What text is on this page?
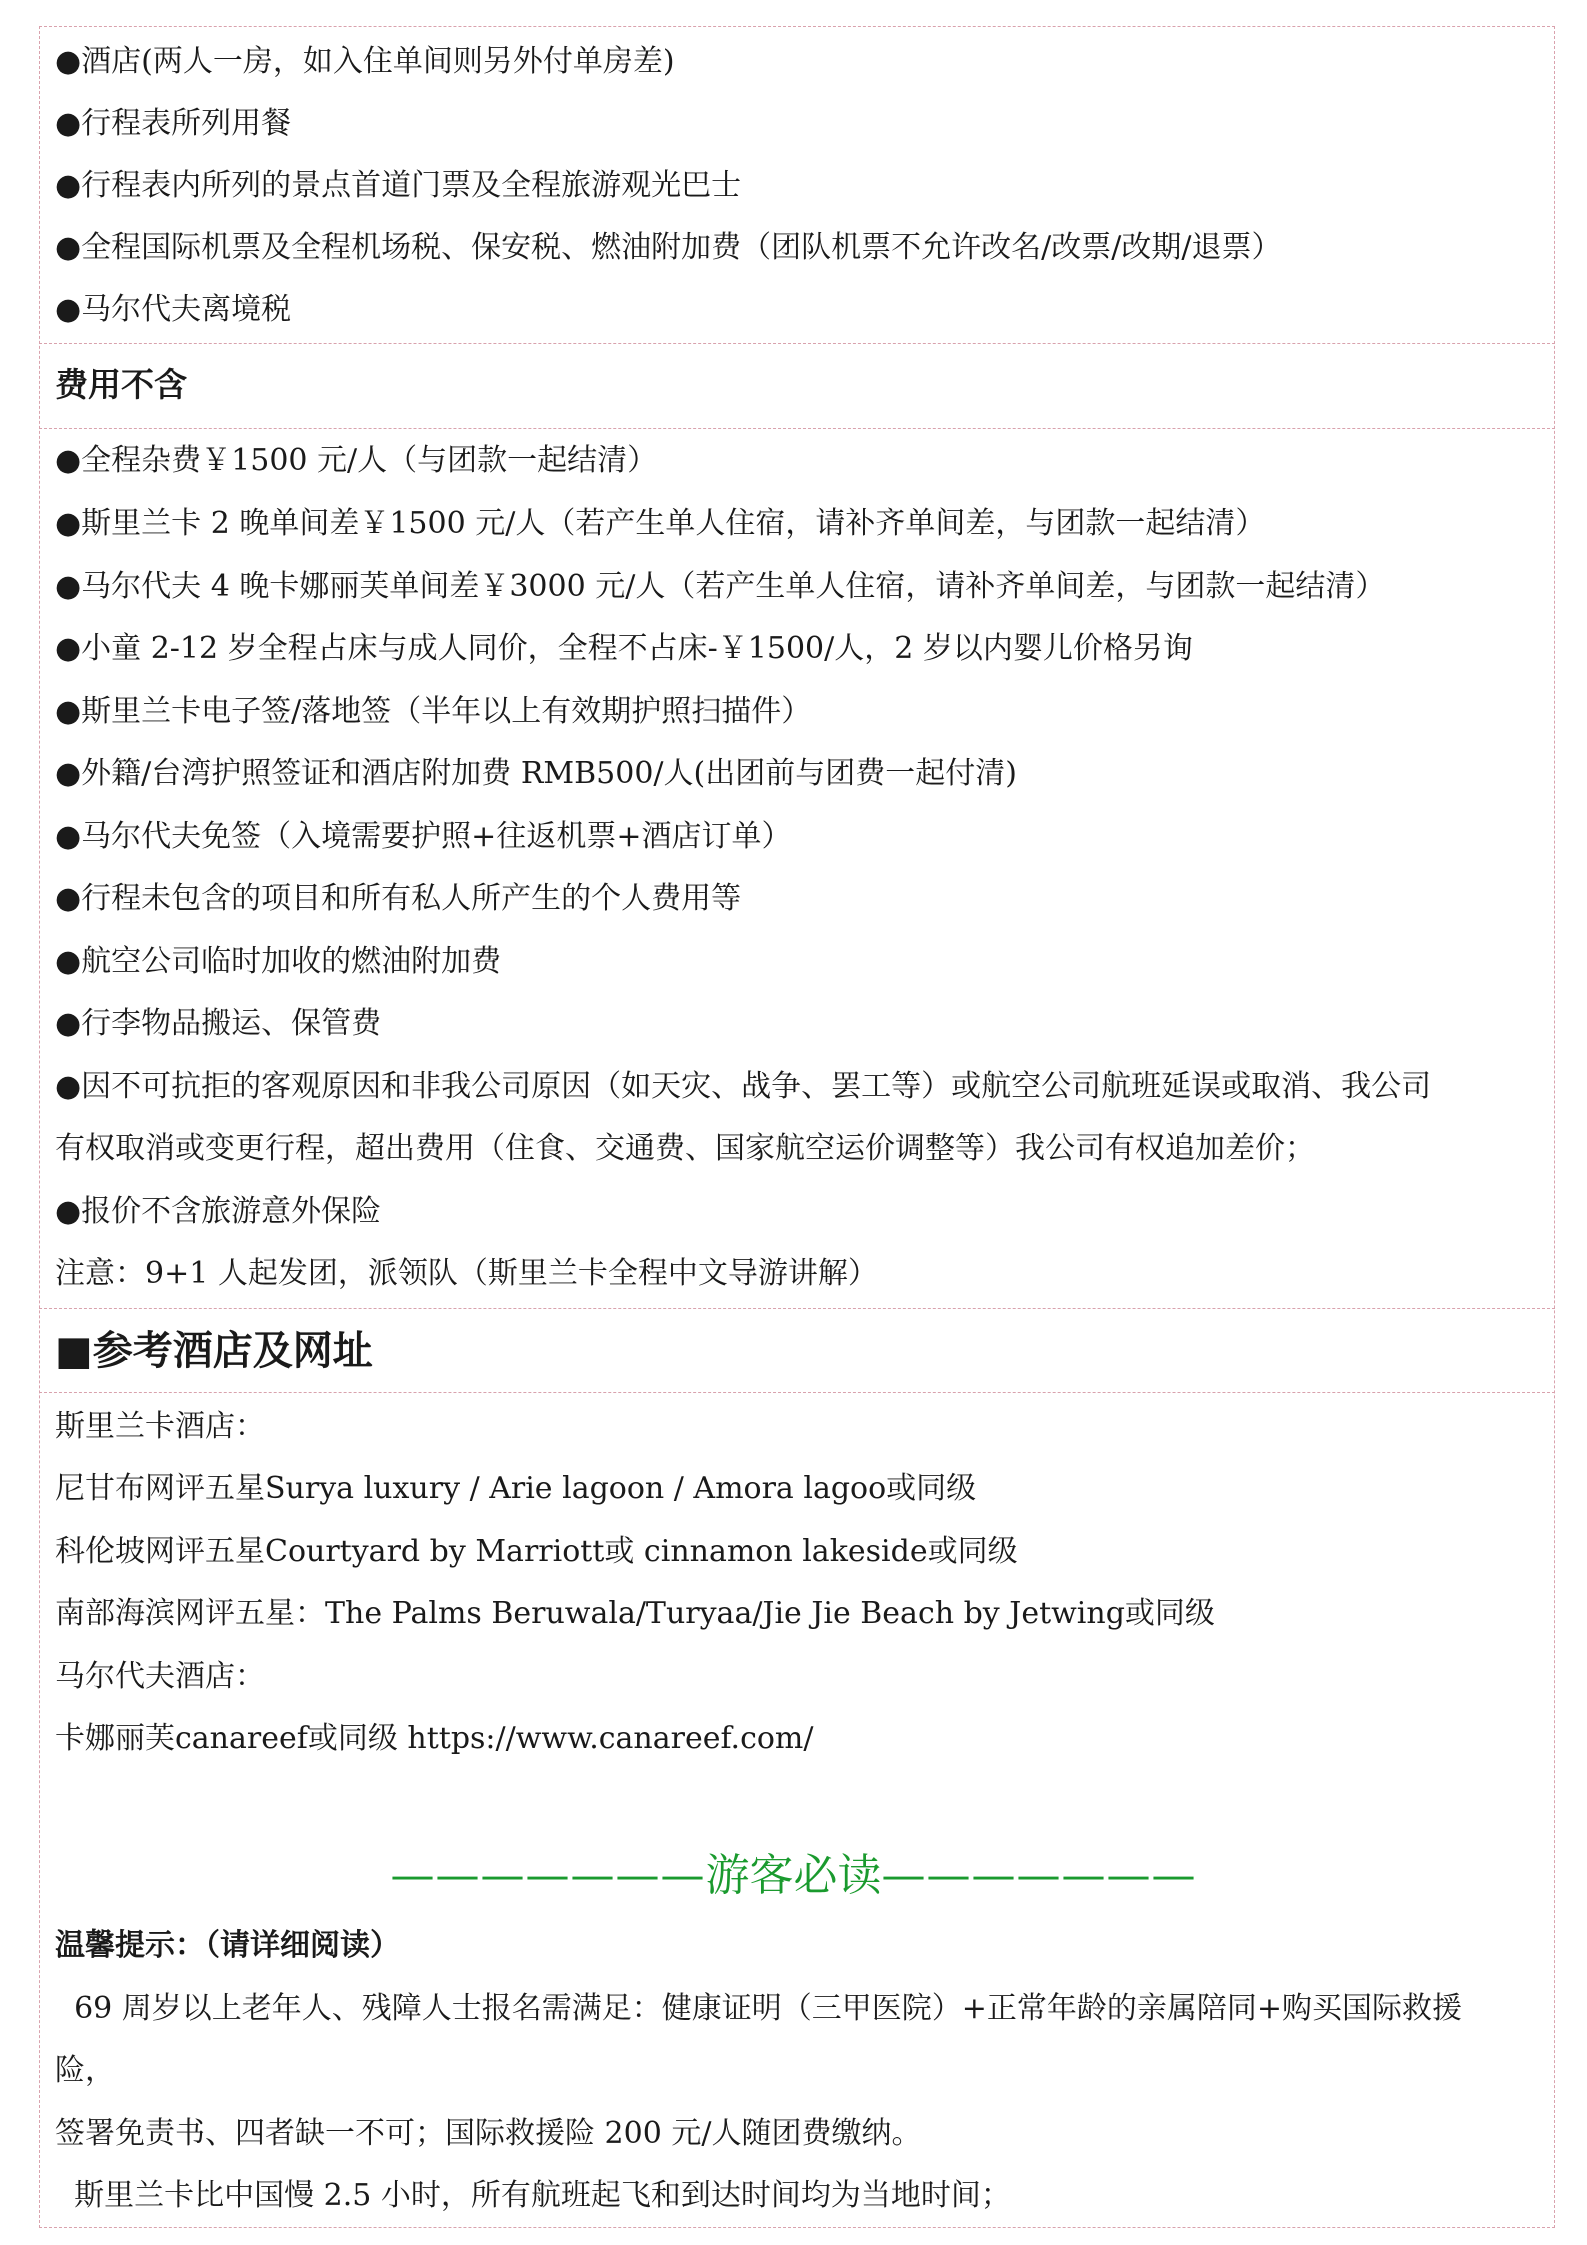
●酒店(两人一房，如入住单间则另外付单房差)
●行程表所列用餐
●行程表内所列的景点首道门票及全程旅游观光巴士
●全程国际机票及全程机场税、保安税、燃油附加费（团队机票不允许改名/改票/改期/退票）
●马尔代夫离境税
费用不含
●全程杂费￥1500 元/人（与团款一起结清）
●斯里兰卡 2 晚单间差￥1500 元/人（若产生单人住宿，请补齐单间差，与团款一起结清）
●马尔代夫 4 晚卡娜丽芙单间差￥3000 元/人（若产生单人住宿，请补齐单间差，与团款一起结清）
●小童 2-12 岁全程占床与成人同价，全程不占床-￥1500/人，2 岁以内婴儿价格另询
●斯里兰卡电子签/落地签（半年以上有效期护照扫描件）
●外籍/台湾护照签证和酒店附加费 RMB500/人(出团前与团费一起付清)
●马尔代夫免签（入境需要护照+往返机票+酒店订单）
●行程未包含的项目和所有私人所产生的个人费用等
●航空公司临时加收的燃油附加费
●行李物品搬运、保管费
●因不可抗拒的客观原因和非我公司原因（如天灾、战争、罢工等）或航空公司航班延误或取消、我公司
有权取消或变更行程，超出费用（住食、交通费、国家航空运价调整等）我公司有权追加差价；
●报价不含旅游意外保险
注意：9+1 人起发团，派领队（斯里兰卡全程中文导游讲解）
■参考酒店及网址
斯里兰卡酒店：
尼甘布网评五星Surya luxury / Arie lagoon / Amora lagoo或同级
科伦坡网评五星Courtyard by Marriott或 cinnamon lakeside或同级
南部海滨网评五星：The Palms Beruwala/Turyaa/Jie Jie Beach by Jetwing或同级
马尔代夫酒店：
卡娜丽芙canareef或同级 https://www.canareef.com/
———————游客必读———————
温馨提示：（请详细阅读）
69 周岁以上老年人、残障人士报名需满足：健康证明（三甲医院）+正常年龄的亲属陪同+购买国际救援
险，
签署免责书、四者缺一不可；国际救援险 200 元/人随团费缴纳。
斯里兰卡比中国慢 2.5 小时，所有航班起飞和到达时间均为当地时间；
